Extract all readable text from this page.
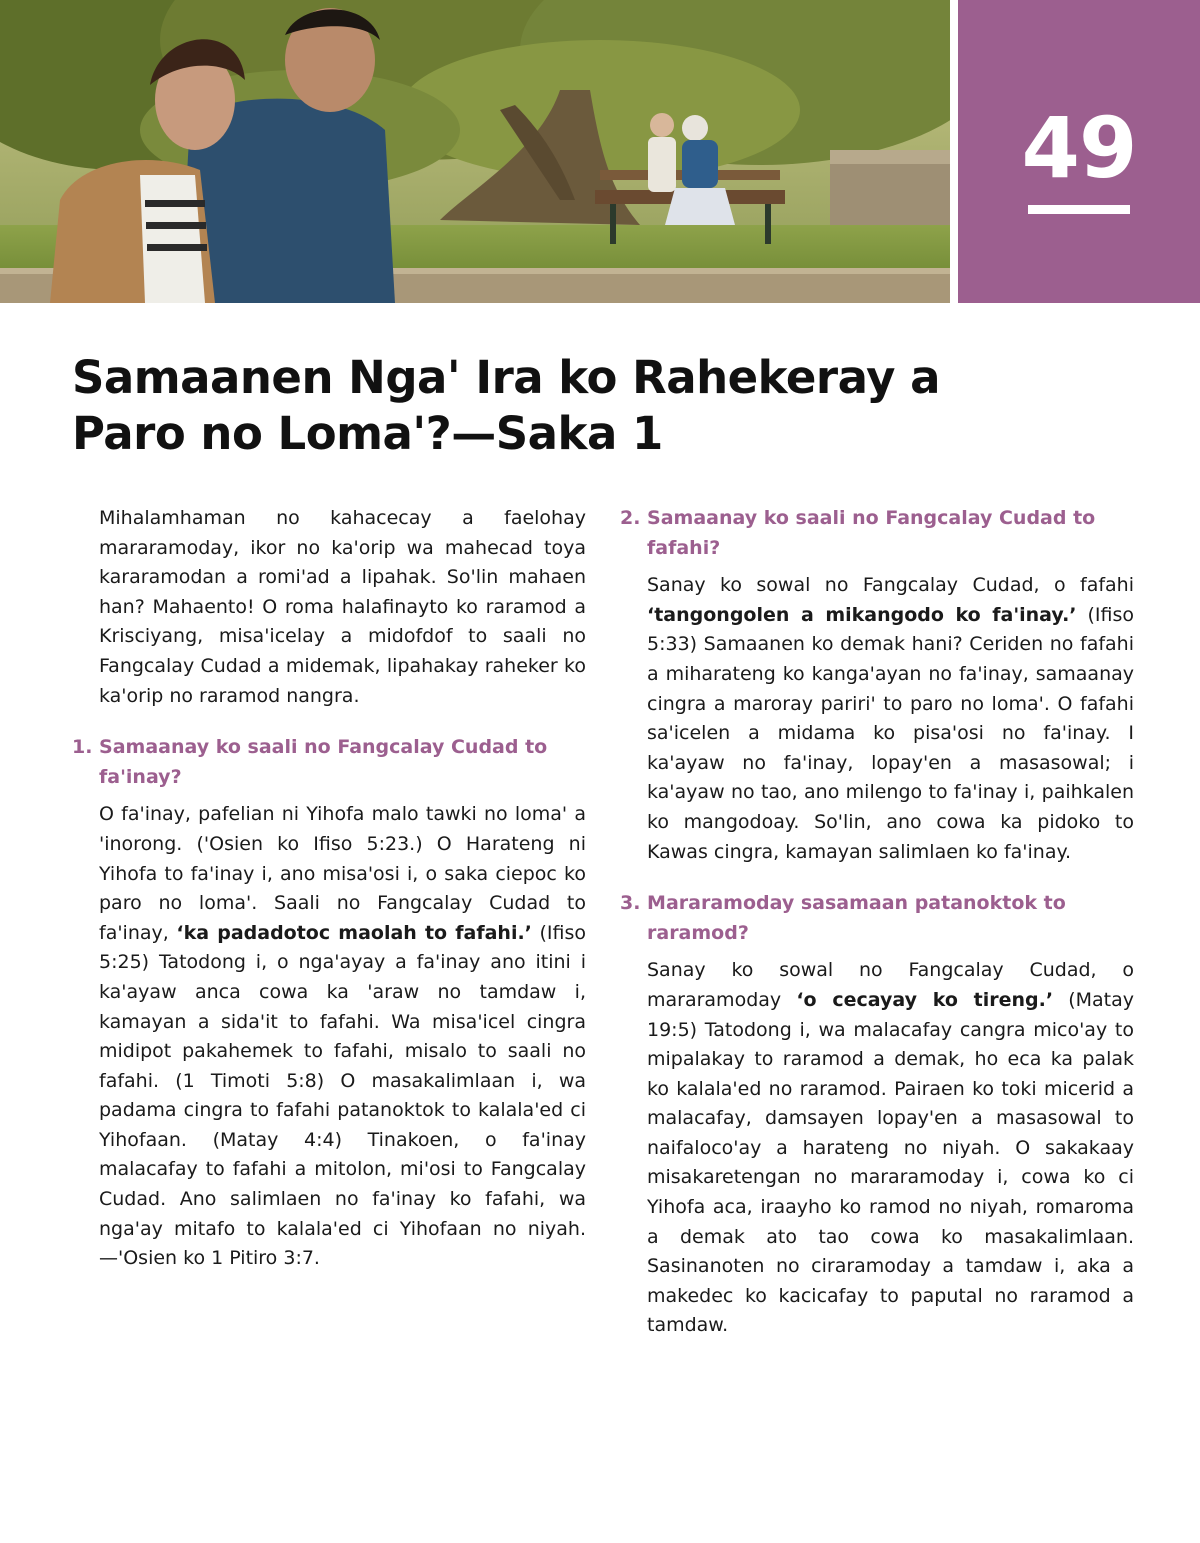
49
Samaanen Nga' Ira ko Rahekeray a
Paro no Loma'?—Saka 1

Mihalamhaman no kahacecay a faelohay mararamoday, ikor no ka'orip wa mahecad toya kararamodan a romi'ad a lipahak. So'lin mahaen han? Mahaento! O roma halafinayto ko raramod a Krisciyang, misa'icelay a midofdof to saali no Fangcalay Cudad a midemak, lipahakay raheker ko ka'orip no raramod nangra.

1. Samaanay ko saali no Fangcalay Cudad to fa'inay?

O fa'inay, pafelian ni Yihofa malo tawki no loma' a 'inorong. ('Osien ko Ifiso 5:23.) O Harateng ni Yihofa to fa'inay i, ano misa'osi i, o saka ciepoc ko paro no loma'. Saali no Fangcalay Cudad to fa'inay, ‘ka padadotoc maolah to fafahi.’ (Ifiso 5:25) Tatodong i, o nga'ayay a fa'inay ano itini i ka'ayaw anca cowa ka 'araw no tamdaw i, kamayan a sida'it to fafahi. Wa misa'icel cingra midipot pakahemek to fafahi, misalo to saali no fafahi. (1 Timoti 5:8) O masakalimlaan i, wa padama cingra to fafahi patanoktok to kalala'ed ci Yihofaan. (Matay 4:4) Tinakoen, o fa'inay malacafay to fafahi a mitolon, mi'osi to Fangcalay Cudad. Ano salimlaen no fa'inay ko fafahi, wa nga'ay mitafo to kalala'ed ci Yihofaan no niyah. —'Osien ko 1 Pitiro 3:7.

2. Samaanay ko saali no Fangcalay Cudad to fafahi?

Sanay ko sowal no Fangcalay Cudad, o fafahi ‘tangongolen a mikangodo ko fa'inay.’ (Ifiso 5:33) Samaanen ko demak hani? Ceriden no fafahi a miharateng ko kanga'ayan no fa'inay, samaanay cingra a maroray pariri' to paro no loma'. O fafahi sa'icelen a midama ko pisa'osi no fa'inay. I ka'ayaw no fa'inay, lopay'en a masasowal; i ka'ayaw no tao, ano milengo to fa'inay i, paihkalen ko mangodoay. So'lin, ano cowa ka pidoko to Kawas cingra, kamayan salimlaen ko fa'inay.

3. Mararamoday sasamaan patanoktok to raramod?

Sanay ko sowal no Fangcalay Cudad, o mararamoday ‘o cecayay ko tireng.’ (Matay 19:5) Tatodong i, wa malacafay cangra mico'ay to mipalakay to raramod a demak, ho eca ka palak ko kalala'ed no raramod. Pairaen ko toki micerid a malacafay, damsayen lopay'en a masasowal to naifaloco'ay a harateng no niyah. O sakakaay misakaretengan no mararamoday i, cowa ko ci Yihofa aca, iraayho ko ramod no niyah, romaroma a demak ato tao cowa ko masakalimlaan. Sasinanoten no ciraramoday a tamdaw i, aka a makedec ko kacicafay to paputal no raramod a tamdaw.
